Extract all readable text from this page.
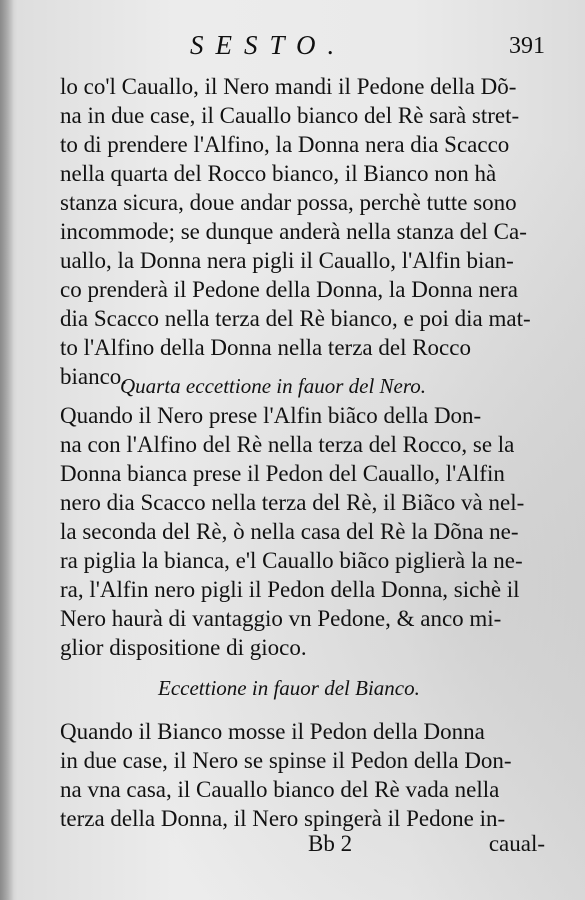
SESTO.	391
lo co'l Cauallo, il Nero mandi il Pedone della Dõ-
na in due case, il Cauallo bianco del Rè sarà stret-
to di prendere l'Alfino, la Donna nera dia Scacco
nella quarta del Rocco bianco, il Bianco non hà
stanza sicura, doue andar possa, perchè tutte sono
incommode; se dunque anderà nella stanza del Ca-
uallo, la Donna nera pigli il Cauallo, l'Alfin bian-
co prenderà il Pedone della Donna, la Donna nera
dia Scacco nella terza del Rè bianco, e poi dia mat-
to l'Alfino della Donna nella terza del Rocco
bianco.
Quarta eccettione in fauor del Nero.
Quando il Nero prese l'Alfin biãco della Don-
na con l'Alfino del Rè nella terza del Rocco, se la
Donna bianca prese il Pedon del Cauallo, l'Alfin
nero dia Scacco nella terza del Rè, il Biãco và nel-
la seconda del Rè, ò nella casa del Rè la Dõna ne-
ra piglia la bianca, e'l Cauallo biãco piglierà la ne-
ra, l'Alfin nero pigli il Pedon della Donna, sichè il
Nero haurà di vantaggio vn Pedone, & anco mi-
glior dispositione di gioco.
Eccettione in fauor del Bianco.
Quando il Bianco mosse il Pedon della Donna
in due case, il Nero se spinse il Pedon della Don-
na vna casa, il Cauallo bianco del Rè vada nella
terza della Donna, il Nero spingerà il Pedone in-
Bb 2	caual-
